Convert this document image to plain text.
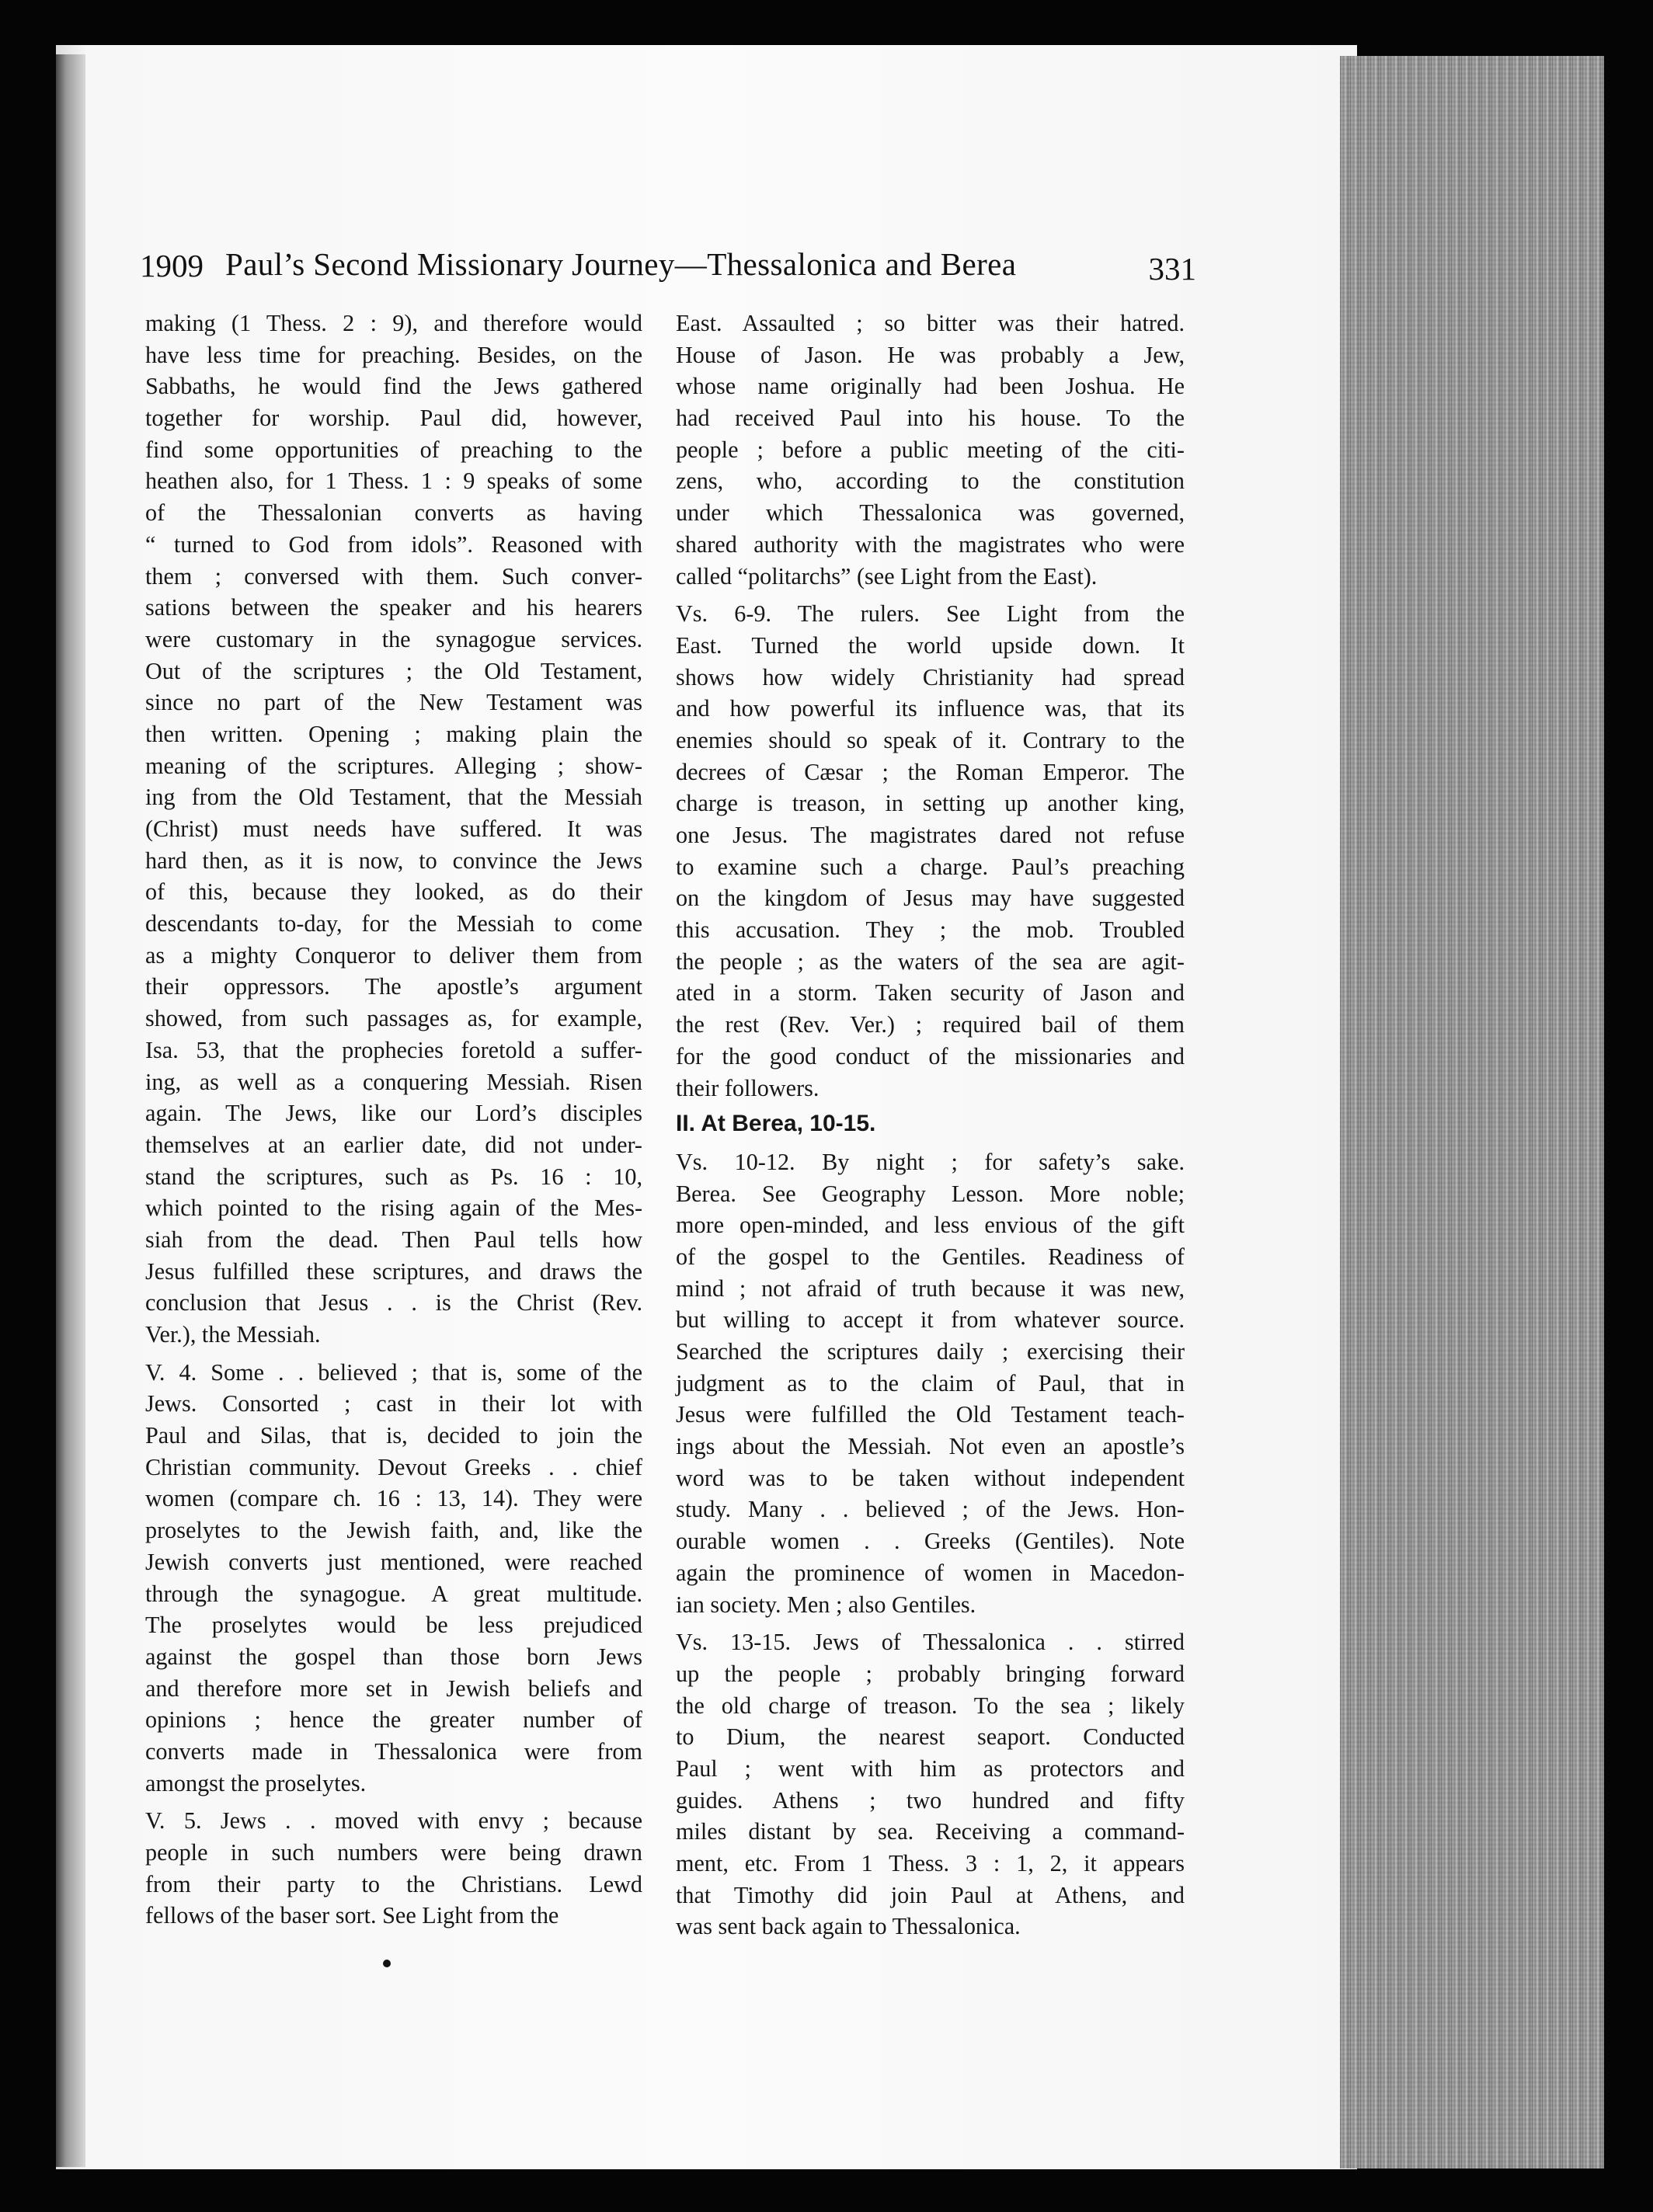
1909 Paul’s Second Missionary Journey—Thessalonica and Berea	331
making (1 Thess. 2 : 9), and therefore would
have less time for preaching. Besides, on the
Sabbaths, he would find the Jews gathered
together for worship. Paul did, however,
find some opportunities of preaching to the
heathen also, for 1 Thess. 1 : 9 speaks of some
of the Thessalonian converts as having
“ turned to God from idols”. Reasoned with
them ; conversed with them. Such conver-
sations between the speaker and his hearers
were customary in the synagogue services.
Out of the scriptures ; the Old Testament,
since no part of the New Testament was
then written. Opening ; making plain the
meaning of the scriptures. Alleging ; show-
ing from the Old Testament, that the Messiah
(Christ) must needs have suffered. It was
hard then, as it is now, to convince the Jews
of this, because they looked, as do their
descendants to-day, for the Messiah to come
as a mighty Conqueror to deliver them from
their oppressors. The apostle’s argument
showed, from such passages as, for example,
Isa. 53, that the prophecies foretold a suffer-
ing, as well as a conquering Messiah. Risen
again. The Jews, like our Lord’s disciples
themselves at an earlier date, did not under-
stand the scriptures, such as Ps. 16 : 10,
which pointed to the rising again of the Mes-
siah from the dead. Then Paul tells how
Jesus fulfilled these scriptures, and draws the
conclusion that Jesus . . is the Christ (Rev.
Ver.), the Messiah.
V. 4. Some . . believed ; that is, some of the
Jews. Consorted ; cast in their lot with
Paul and Silas, that is, decided to join the
Christian community. Devout Greeks . . chief
women (compare ch. 16 : 13, 14). They were
proselytes to the Jewish faith, and, like the
Jewish converts just mentioned, were reached
through the synagogue. A great multitude.
The proselytes would be less prejudiced
against the gospel than those born Jews
and therefore more set in Jewish beliefs and
opinions ; hence the greater number of
converts made in Thessalonica were from
amongst the proselytes.
V. 5. Jews . . moved with envy ; because
people in such numbers were being drawn
from their party to the Christians. Lewd
fellows of the baser sort. See Light from the
East. Assaulted ; so bitter was their hatred.
House of Jason. He was probably a Jew,
whose name originally had been Joshua. He
had received Paul into his house. To the
people ; before a public meeting of the citi-
zens, who, according to the constitution
under which Thessalonica was governed,
shared authority with the magistrates who were
called “politarchs” (see Light from the East).
Vs. 6-9. The rulers. See Light from the
East. Turned the world upside down. It
shows how widely Christianity had spread
and how powerful its influence was, that its
enemies should so speak of it. Contrary to the
decrees of Cæsar ; the Roman Emperor. The
charge is treason, in setting up another king,
one Jesus. The magistrates dared not refuse
to examine such a charge. Paul’s preaching
on the kingdom of Jesus may have suggested
this accusation. They ; the mob. Troubled
the people ; as the waters of the sea are agit-
ated in a storm. Taken security of Jason and
the rest (Rev. Ver.) ; required bail of them
for the good conduct of the missionaries and
their followers.
II. At Berea, 10-15.
Vs. 10-12. By night ; for safety’s sake.
Berea. See Geography Lesson. More noble;
more open-minded, and less envious of the gift
of the gospel to the Gentiles. Readiness of
mind ; not afraid of truth because it was new,
but willing to accept it from whatever source.
Searched the scriptures daily ; exercising their
judgment as to the claim of Paul, that in
Jesus were fulfilled the Old Testament teach-
ings about the Messiah. Not even an apostle’s
word was to be taken without independent
study. Many . . believed ; of the Jews. Hon-
ourable women . . Greeks (Gentiles). Note
again the prominence of women in Macedon-
ian society. Men ; also Gentiles.
Vs. 13-15. Jews of Thessalonica . . stirred
up the people ; probably bringing forward
the old charge of treason. To the sea ; likely
to Dium, the nearest seaport. Conducted
Paul ; went with him as protectors and
guides. Athens ; two hundred and fifty
miles distant by sea. Receiving a command-
ment, etc. From 1 Thess. 3 : 1, 2, it appears
that Timothy did join Paul at Athens, and
was sent back again to Thessalonica.
